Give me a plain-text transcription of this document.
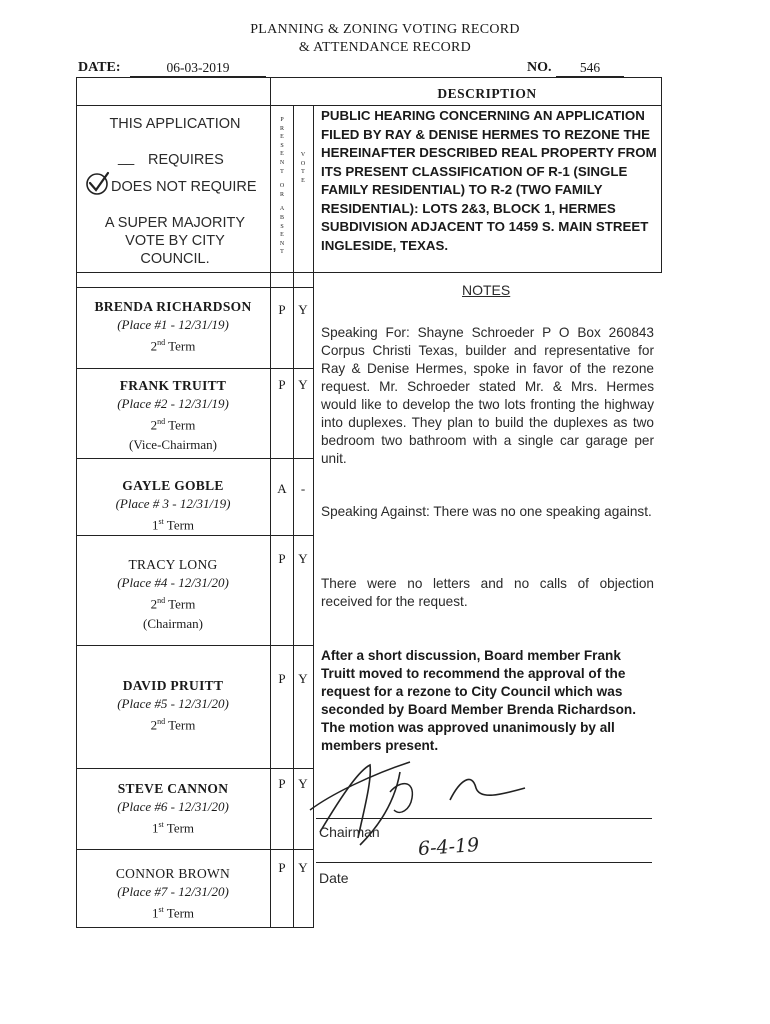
PLANNING & ZONING VOTING RECORD
& ATTENDANCE RECORD
DATE:	06-03-2019	NO.	546
DESCRIPTION
PUBLIC HEARING CONCERNING AN APPLICATION FILED BY RAY & DENISE HERMES TO REZONE THE HEREINAFTER DESCRIBED REAL PROPERTY FROM ITS PRESENT CLASSIFICATION OF R-1 (SINGLE FAMILY RESIDENTIAL) TO R-2 (TWO FAMILY RESIDENTIAL): LOTS 2&3, BLOCK 1, HERMES SUBDIVISION ADJACENT TO 1459 S. MAIN STREET INGLESIDE, TEXAS.
THIS APPLICATION
__ REQUIRES
DOES NOT REQUIRE
A SUPER MAJORITY
VOTE BY CITY
COUNCIL.
P
R
E
S
E
N
T
O
R
A
B
S
E
N
T
V
O
T
E
BRENDA RICHARDSON
(Place #1 - 12/31/19)
2nd Term
P Y
FRANK TRUITT
(Place #2 - 12/31/19)
2nd Term
(Vice-Chairman)
P Y
GAYLE GOBLE
(Place # 3 - 12/31/19)
1st Term
A	-
TRACY LONG
(Place #4 - 12/31/20)
2nd Term
(Chairman)
P Y
DAVID PRUITT
(Place #5 - 12/31/20)
2nd Term
P Y
STEVE CANNON
(Place #6 - 12/31/20)
1st Term
P Y
CONNOR BROWN
(Place #7 - 12/31/20)
1st Term
P Y
NOTES
Speaking For: Shayne Schroeder P O Box 260843 Corpus Christi Texas, builder and representative for Ray & Denise Hermes, spoke in favor of the rezone request. Mr. Schroeder stated Mr. & Mrs. Hermes would like to develop the two lots fronting the highway into duplexes. They plan to build the duplexes as two bedroom two bathroom with a single car garage per unit.
Speaking Against: There was no one speaking against.
There were no letters and no calls of objection received for the request.
After a short discussion, Board member Frank Truitt moved to recommend the approval of the request for a rezone to City Council which was seconded by Board Member Brenda Richardson. The motion was approved unanimously by all members present.
Chairman
6-4-19
Date
